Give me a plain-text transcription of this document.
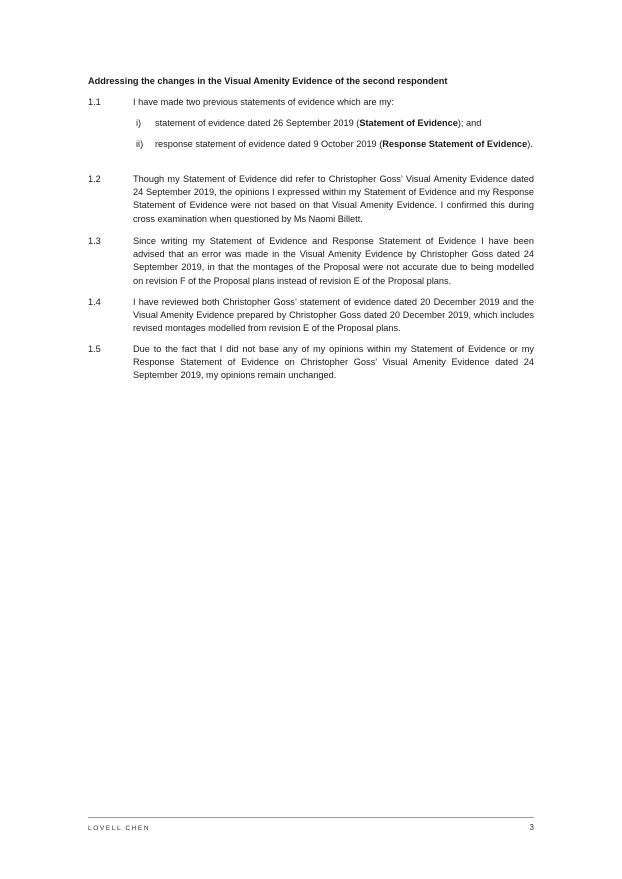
Addressing the changes in the Visual Amenity Evidence of the second respondent
1.1	I have made two previous statements of evidence which are my:
i)	statement of evidence dated 26 September 2019 (Statement of Evidence); and
ii)	response statement of evidence dated 9 October 2019 (Response Statement of Evidence).
1.2	Though my Statement of Evidence did refer to Christopher Goss’ Visual Amenity Evidence dated 24 September 2019, the opinions I expressed within my Statement of Evidence and my Response Statement of Evidence were not based on that Visual Amenity Evidence. I confirmed this during cross examination when questioned by Ms Naomi Billett.
1.3	Since writing my Statement of Evidence and Response Statement of Evidence I have been advised that an error was made in the Visual Amenity Evidence by Christopher Goss dated 24 September 2019, in that the montages of the Proposal were not accurate due to being modelled on revision F of the Proposal plans instead of revision E of the Proposal plans.
1.4	I have reviewed both Christopher Goss’ statement of evidence dated 20 December 2019 and the Visual Amenity Evidence prepared by Christopher Goss dated 20 December 2019, which includes revised montages modelled from revision E of the Proposal plans.
1.5	Due to the fact that I did not base any of my opinions within my Statement of Evidence or my Response Statement of Evidence on Christopher Goss’ Visual Amenity Evidence dated 24 September 2019, my opinions remain unchanged.
LOVELL CHEN	3
